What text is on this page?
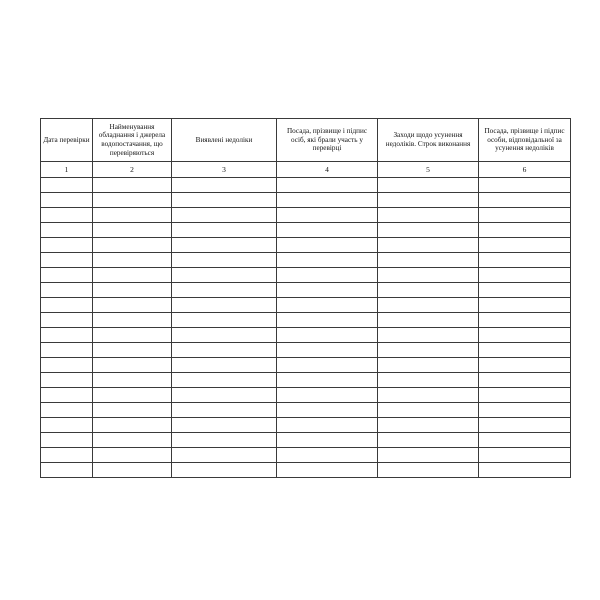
Дата перевірки	Найменування обладнання і джерела водопостачання, що перевіряються	Виявлені недоліки	Посада, прізвище і підпис осіб, які брали участь у перевірці	Заходи щодо усунення недоліків. Строк виконання	Посада, прізвище і підпис особи, відповідальної за усунення недоліків
1	2	3	4	5	6
